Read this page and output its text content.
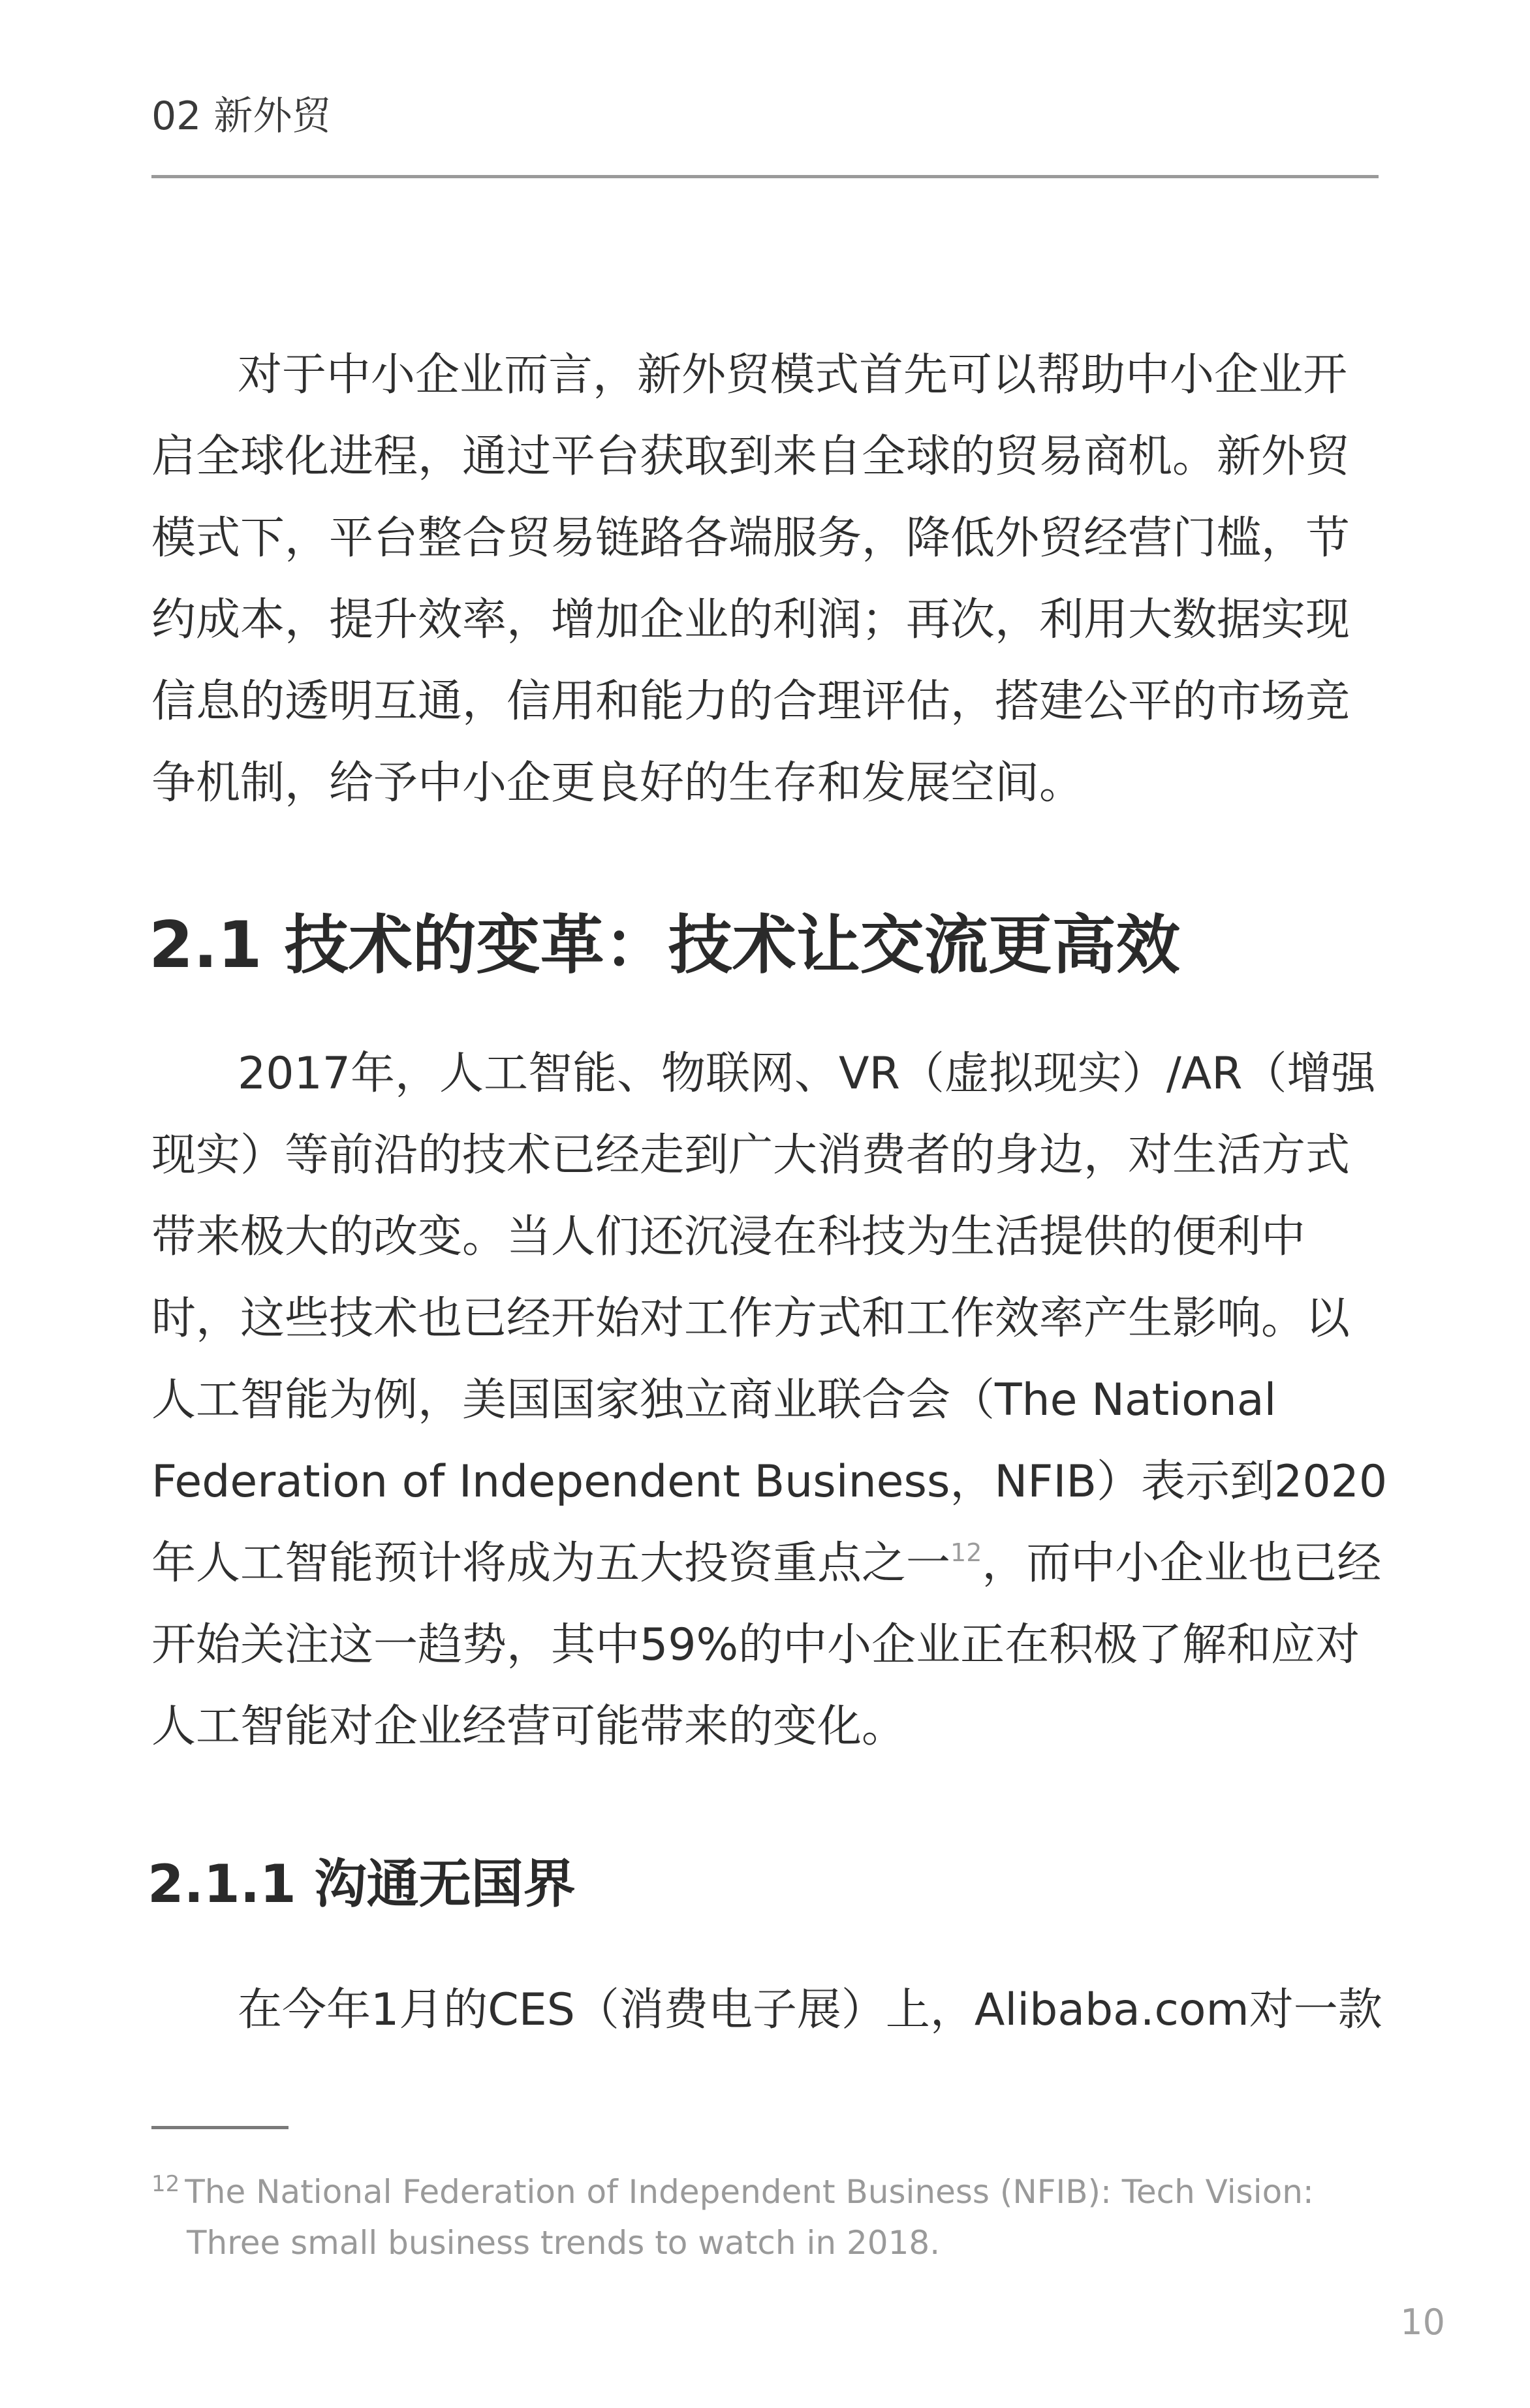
02 新外贸
对于中小企业而言，新外贸模式首先可以帮助中小企业开
启全球化进程，通过平台获取到来自全球的贸易商机。新外贸
模式下，平台整合贸易链路各端服务，降低外贸经营门槛，节
约成本，提升效率，增加企业的利润；再次，利用大数据实现
信息的透明互通，信用和能力的合理评估，搭建公平的市场竞
争机制，给予中小企更良好的生存和发展空间。
2.1 技术的变革：技术让交流更高效
2017年，人工智能、物联网、VR（虚拟现实）/AR（增强
现实）等前沿的技术已经走到广大消费者的身边，对生活方式
带来极大的改变。当人们还沉浸在科技为生活提供的便利中
时，这些技术也已经开始对工作方式和工作效率产生影响。以
人工智能为例，美国国家独立商业联合会（The National
Federation of Independent Business，NFIB）表示到2020
年人工智能预计将成为五大投资重点之一$^{12}$，而中小企业也已经
开始关注这一趋势，其中59%的中小企业正在积极了解和应对
人工智能对企业经营可能带来的变化。
2.1.1 沟通无国界
在今年1月的CES（消费电子展）上，Alibaba.com对一款
$^{12}$ The National Federation of Independent Business (NFIB): Tech Vision:
Three small business trends to watch in 2018.
10
